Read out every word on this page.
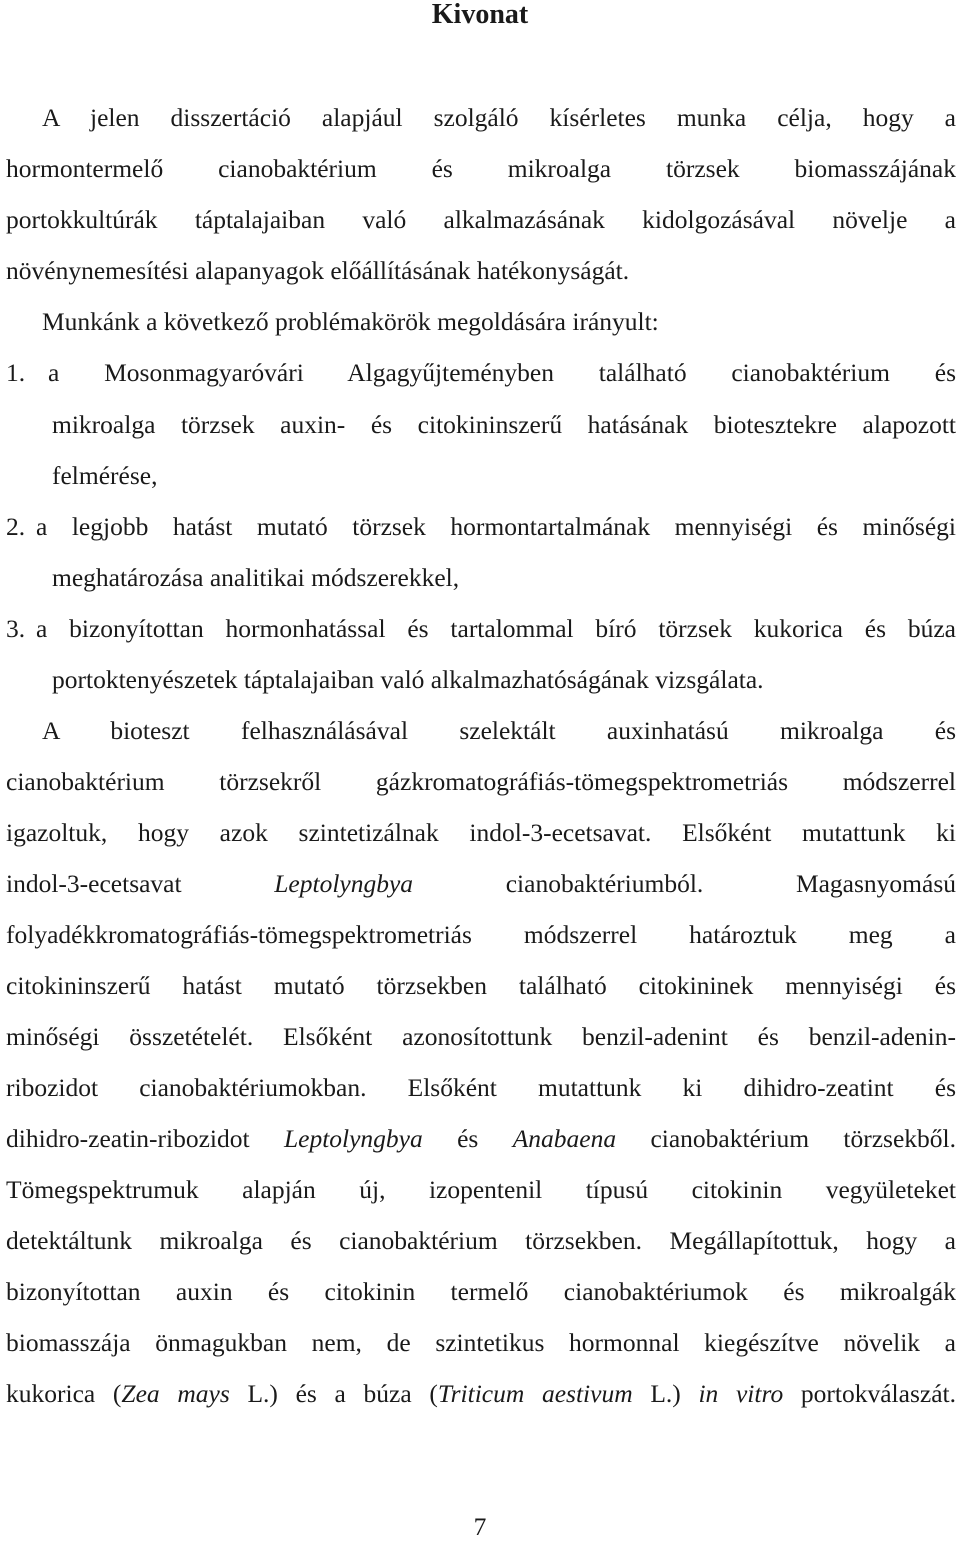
Kivonat
A jelen disszertáció alapjául szolgáló kísérletes munka célja, hogy a
hormontermelő cianobaktérium és mikroalga törzsek biomasszájának
portokkultúrák táptalajaiban való alkalmazásának kidolgozásával növelje a
növénynemesítési alapanyagok előállításának hatékonyságát.
Munkánk a következő problémakörök megoldására irányult:
1. a Mosonmagyaróvári Algagyűjteményben található cianobaktérium és
mikroalga törzsek auxin- és citokininszerű hatásának biotesztekre alapozott
felmérése,
2. a legjobb hatást mutató törzsek hormontartalmának mennyiségi és minőségi
meghatározása analitikai módszerekkel,
3. a bizonyítottan hormonhatással és tartalommal bíró törzsek kukorica és búza
portoktenyészetek táptalajaiban való alkalmazhatóságának vizsgálata.
A bioteszt felhasználásával szelektált auxinhatású mikroalga és
cianobaktérium törzsekről gázkromatográfiás-tömegspektrometriás módszerrel
igazoltuk, hogy azok szintetizálnak indol-3-ecetsavat. Elsőként mutattunk ki
indol-3-ecetsavat Leptolyngbya cianobaktériumból. Magasnyomású
folyadékkromatográfiás-tömegspektrometriás módszerrel határoztuk meg a
citokininszerű hatást mutató törzsekben található citokininek mennyiségi és
minőségi összetételét. Elsőként azonosítottunk benzil-adenint és benzil-adenin-
ribozidot cianobaktériumokban. Elsőként mutattunk ki dihidro-zeatint és
dihidro-zeatin-ribozidot Leptolyngbya és Anabaena cianobaktérium törzsekből.
Tömegspektrumuk alapján új, izopentenil típusú citokinin vegyületeket
detektáltunk mikroalga és cianobaktérium törzsekben. Megállapítottuk, hogy a
bizonyítottan auxin és citokinin termelő cianobaktériumok és mikroalgák
biomasszája önmagukban nem, de szintetikus hormonnal kiegészítve növelik a
kukorica (Zea mays L.) és a búza (Triticum aestivum L.) in vitro portokválaszát.
7
